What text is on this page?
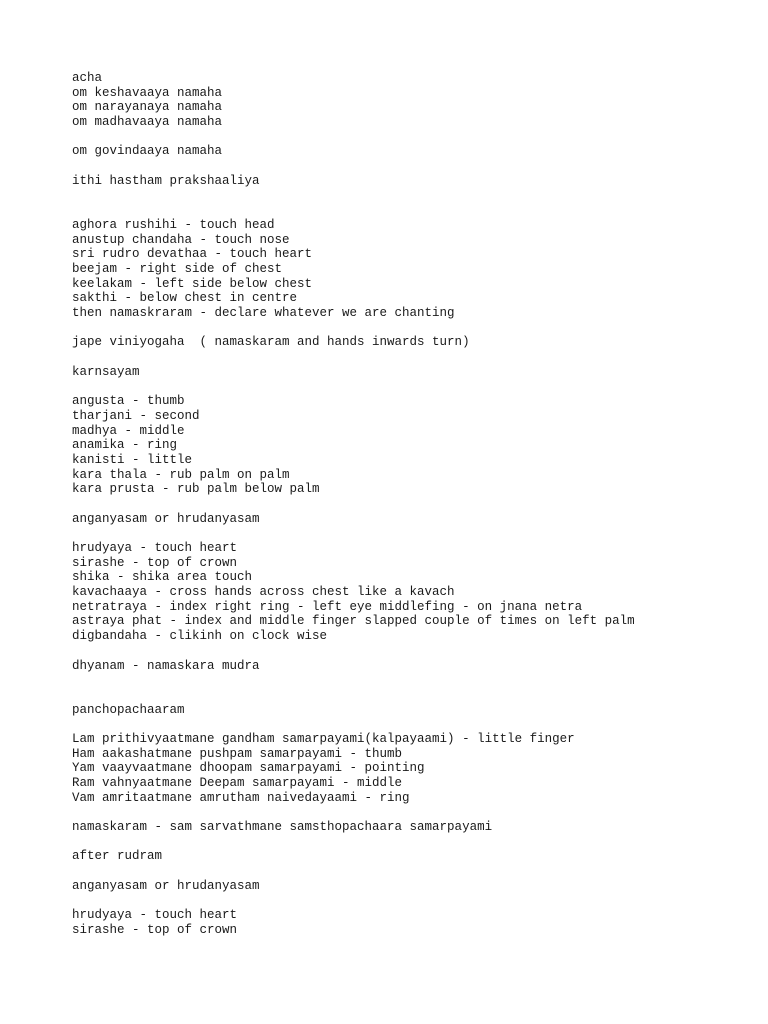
acha
om keshavaaya namaha
om narayanaya namaha
om madhavaaya namaha
om govindaaya namaha
ithi hastham prakshaaliya
aghora rushihi - touch head
anustup chandaha - touch nose
sri rudro devathaa - touch heart
beejam - right side of chest
keelakam - left side below chest
sakthi - below chest in centre
then namaskraram - declare whatever we are chanting
jape viniyogaha  ( namaskaram and hands inwards turn)
karnsayam
angusta - thumb
tharjani - second
madhya - middle
anamika - ring
kanisti - little
kara thala - rub palm on palm
kara prusta - rub palm below palm
anganyasam or hrudanyasam
hrudyaya - touch heart
sirashe - top of crown
shika - shika area touch
kavachaaya - cross hands across chest like a kavach
netratraya - index right ring - left eye middlefing - on jnana netra
astraya phat - index and middle finger slapped couple of times on left palm
digbandaha - clikinh on clock wise
dhyanam - namaskara mudra
panchopachaaram
Lam prithivyaatmane gandham samarpayami(kalpayaami) - little finger
Ham aakashatmane pushpam samarpayami - thumb
Yam vaayvaatmane dhoopam samarpayami - pointing
Ram vahnyaatmane Deepam samarpayami - middle
Vam amritaatmane amrutham naivedayaami - ring
namaskaram - sam sarvathmane samsthopachaara samarpayami
after rudram
anganyasam or hrudanyasam
hrudyaya - touch heart
sirashe - top of crown
